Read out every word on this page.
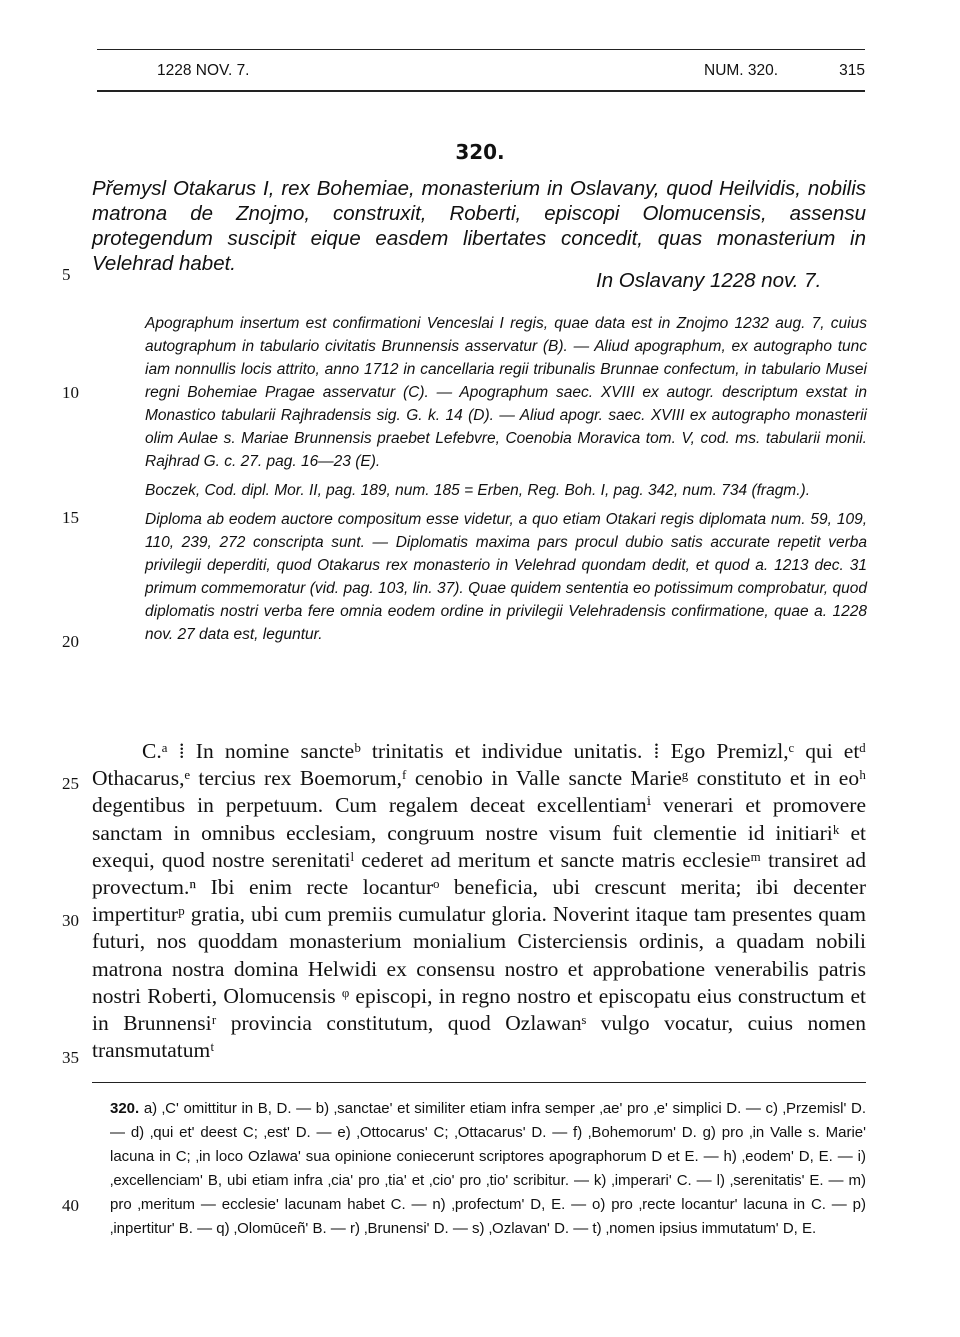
1228 NOV. 7.	NUM. 320.	315
320.
5
10
15
20
25
30
35
40
Přemysl Otakarus I, rex Bohemiae, monasterium in Oslavany, quod Heilvidis, nobilis matrona de Znojmo, construxit, Roberti, episcopi Olomucensis, assensu protegendum suscipit eique easdem libertates concedit, quas monasterium in Velehrad habet.
In Oslavany 1228 nov. 7.

Apographum insertum est confirmationi Venceslai I regis, quae data est in Znojmo 1232 aug. 7, cuius autographum in tabulario civitatis Brunnensis asservatur (B). — Aliud apographum, ex autographo tunc iam nonnullis locis attrito, anno 1712 in cancellaria regii tribunalis Brunnae confectum, in tabulario Musei regni Bohemiae Pragae asservatur (C). — Apographum saec. XVIII ex autogr. descriptum exstat in Monastico tabularii Rajhradensis sig. G. k. 14 (D). — Aliud apogr. saec. XVIII ex autographo monasterii olim Aulae s. Mariae Brunnensis praebet Lefebvre, Coenobia Moravica tom. V, cod. ms. tabularii monii. Rajhrad G. c. 27. pag. 16—23 (E).

Boczek, Cod. dipl. Mor. II, pag. 189, num. 185 = Erben, Reg. Boh. I, pag. 342, num. 734 (fragm.).

Diploma ab eodem auctore compositum esse videtur, a quo etiam Otakari regis diplomata num. 59, 109, 110, 239, 272 conscripta sunt. — Diplomatis maxima pars procul dubio satis accurate repetit verba privilegii deperditi, quod Otakarus rex monasterio in Velehrad quondam dedit, et quod a. 1213 dec. 31 primum commemoratur (vid. pag. 103, lin. 37). Quae quidem sententia eo potissimum comprobatur, quod diplomatis nostri verba fere omnia eodem ordine in privilegii Velehradensis confirmatione, quae a. 1228 nov. 27 data est, leguntur.

C.ᵃ ⁞ In nomine sancteᵇ trinitatis et individue unitatis. ⁞ Ego Premizl,ᶜ qui etᵈ Othacarus,ᵉ tercius rex Boemorum,ᶠ cenobio in Valle sancte Marieᵍ constituto et in eoʰ degentibus in perpetuum. Cum regalem deceat excellentiamⁱ venerari et promovere sanctam in omnibus ecclesiam, congruum nostre visum fuit clementie id initiariᵏ et exequi, quod nostre serenitatiˡ cederet ad meritum et sancte matris ecclesieᵐ transiret ad provectum.ⁿ Ibi enim recte locanturᵒ beneficia, ubi crescunt merita; ibi decenter impertiturᵖ gratia, ubi cum premiis cumulatur gloria. Noverint itaque tam presentes quam futuri, nos quoddam monasterium monialium Cisterciensis ordinis, a quadam nobili matrona nostra domina Helwidi ex consensu nostro et approbatione venerabilis patris nostri Roberti, Olomucensis ᵠ episcopi, in regno nostro et episcopatu eius constructum et in Brunnensiʳ provincia constitutum, quod Ozlawanˢ vulgo vocatur, cuius nomen transmutatumᵗ

320. a) ‚C' omittitur in B, D. — b) ‚sanctae' et similiter etiam infra semper ‚ae' pro ‚e' simplici D. — c) ‚Przemisl' D. — d) ‚qui et' deest C; ‚est' D. — e) ‚Ottocarus' C; ‚Ottacarus' D. — f) ‚Bohemorum' D. g) pro ‚in Valle s. Marie' lacuna in C; ‚in loco Ozlawa' sua opinione coniecerunt scriptores apographorum D et E. — h) ‚eodem' D, E. — i) ‚excellenciam' B, ubi etiam infra ‚cia' pro ‚tia' et ‚cio' pro ‚tio' scribitur. — k) ‚imperari' C. — l) ‚serenitatis' E. — m) pro ‚meritum — ecclesie' lacunam habet C. — n) ‚profectum' D, E. — o) pro ‚recte locantur' lacuna in C. — p) ‚inpertitur' B. — q) ‚Olomūceñ' B. — r) ‚Brunensi' D. — s) ‚Ozlavan' D. — t) ‚nomen ipsius immutatum' D, E.
